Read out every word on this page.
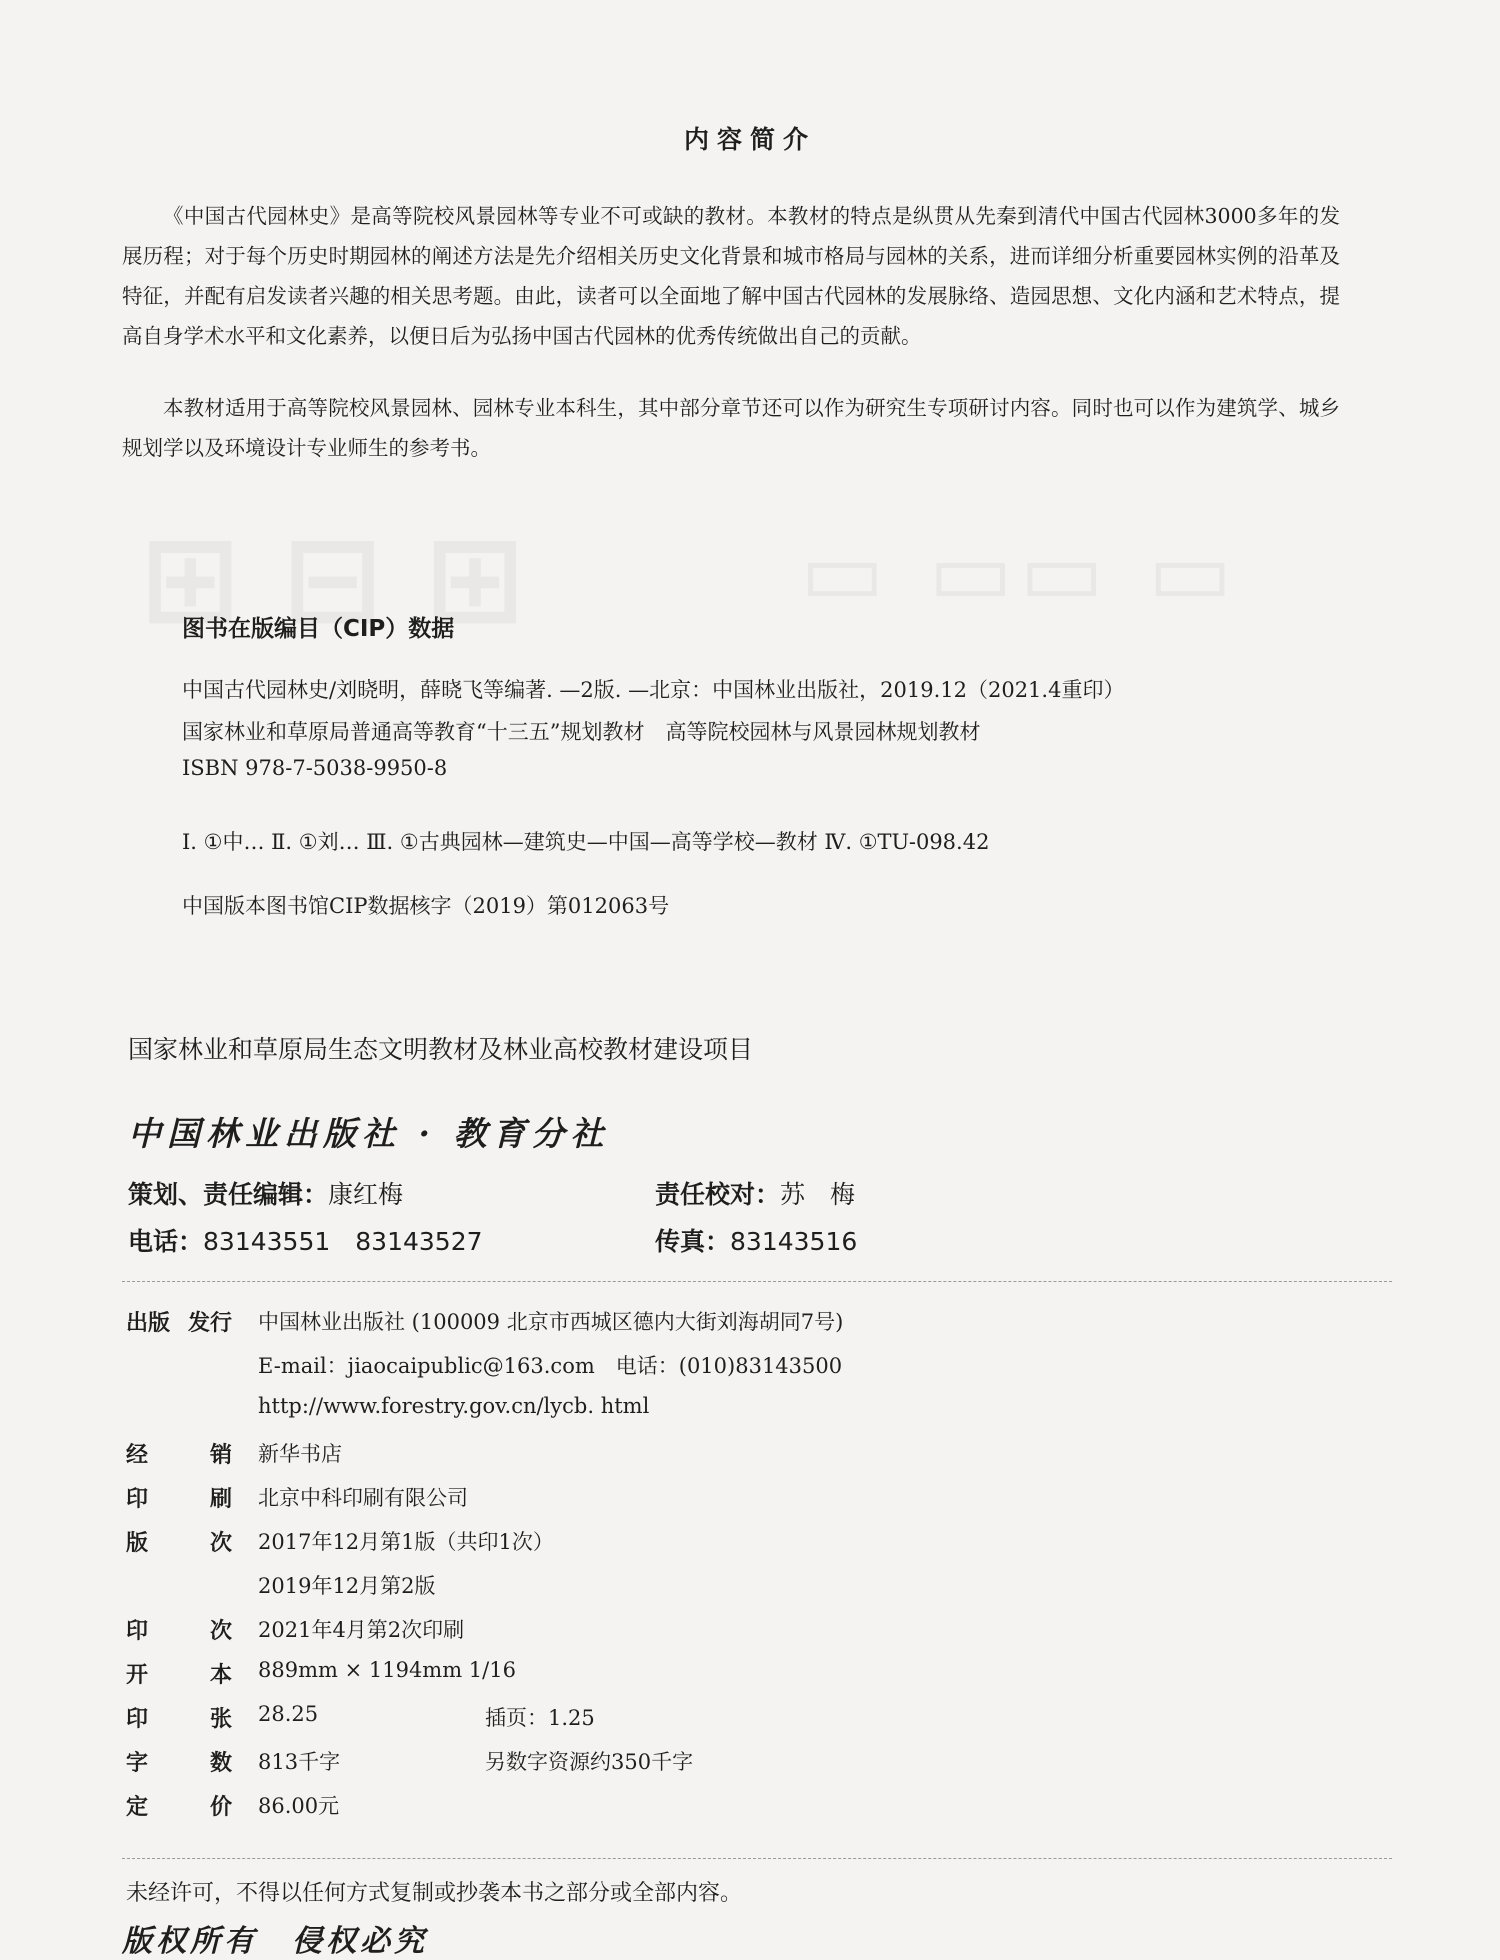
内容简介

《中国古代园林史》是高等院校风景园林等专业不可或缺的教材。本教材的特点是纵贯从先秦到清代中国古代园林3000多年的发展历程；对于每个历史时期园林的阐述方法是先介绍相关历史文化背景和城市格局与园林的关系，进而详细分析重要园林实例的沿革及特征，并配有启发读者兴趣的相关思考题。由此，读者可以全面地了解中国古代园林的发展脉络、造园思想、文化内涵和艺术特点，提高自身学术水平和文化素养，以便日后为弘扬中国古代园林的优秀传统做出自己的贡献。

本教材适用于高等院校风景园林、园林专业本科生，其中部分章节还可以作为研究生专项研讨内容。同时也可以作为建筑学、城乡规划学以及环境设计专业师生的参考书。

图书在版编目（CIP）数据
中国古代园林史/刘晓明，薛晓飞等编著. —2版. —北京：中国林业出版社，2019.12（2021.4重印）
国家林业和草原局普通高等教育“十三五”规划教材　高等院校园林与风景园林规划教材
ISBN 978-7-5038-9950-8
Ⅰ. ①中… Ⅱ. ①刘… Ⅲ. ①古典园林—建筑史—中国—高等学校—教材 Ⅳ. ①TU-098.42
中国版本图书馆CIP数据核字（2019）第012063号
国家林业和草原局生态文明教材及林业高校教材建设项目
中国林业出版社 · 教育分社
策划、责任编辑：康红梅	责任校对：苏　梅
电话：83143551　83143527	传真：83143516
出版 发行 中国林业出版社 (100009 北京市西城区德内大街刘海胡同7号)
E-mail：jiaocaipublic@163.com　电话：(010)83143500
http://www.forestry.gov.cn/lycb. html
经	销 新华书店
印	刷 北京中科印刷有限公司
版	次 2017年12月第1版（共印1次）
2019年12月第2版
印	次 2021年4月第2次印刷
开	本 889mm × 1194mm 1/16
印	张 28.25	插页：1.25
字	数 813千字	另数字资源约350千字
定	价 86.00元
未经许可，不得以任何方式复制或抄袭本书之部分或全部内容。
版权所有　侵权必究
